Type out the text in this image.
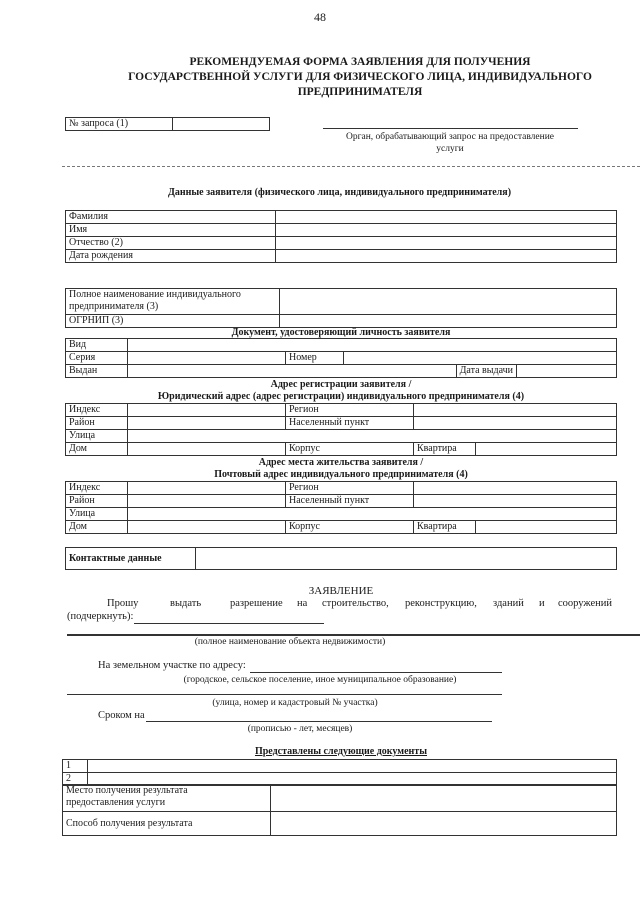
48
РЕКОМЕНДУЕМАЯ ФОРМА ЗАЯВЛЕНИЯ ДЛЯ ПОЛУЧЕНИЯ
ГОСУДАРСТВЕННОЙ УСЛУГИ ДЛЯ ФИЗИЧЕСКОГО ЛИЦА, ИНДИВИДУАЛЬНОГО
ПРЕДПРИНИМАТЕЛЯ
№ запроса (1)	
Орган, обрабатывающий запрос на предоставление
услуги
Данные заявителя (физического лица, индивидуального предпринимателя)
Фамилия	
Имя	
Отчество (2)	
Дата рождения	
Полное наименование индивидуального
предпринимателя (3)	

ОГРНИП (3)	
Документ, удостоверяющий личность заявителя
Вид					
Серия		Номер			
Выдан				Дата выдачи	
Адрес регистрации заявителя /
Юридический адрес (адрес регистрации) индивидуального предпринимателя (4)
Индекс		Регион		
Район		Населенный пункт		
Улица				
Дом		Корпус	Квартира	
Адрес места жительства заявителя /
Почтовый адрес индивидуального предпринимателя (4)
Индекс		Регион		
Район		Населенный пункт		
Улица				
Дом		Корпус	Квартира	
Контактные данные	
ЗАЯВЛЕНИЕ
Прошу	выдать	разрешение на строительство, реконструкцию, зданий и сооружений
(подчеркнуть):
(полное наименование объекта недвижимости)
На земельном участке по адресу:
(городское, сельское поселение, иное муниципальное образование)
(улица, номер и кадастровый № участка)
Сроком на
(прописью - лет, месяцев)
Представлены следующие документы
1	
2	
Место получения результата
предоставления услуги	

Способ получения результата	
